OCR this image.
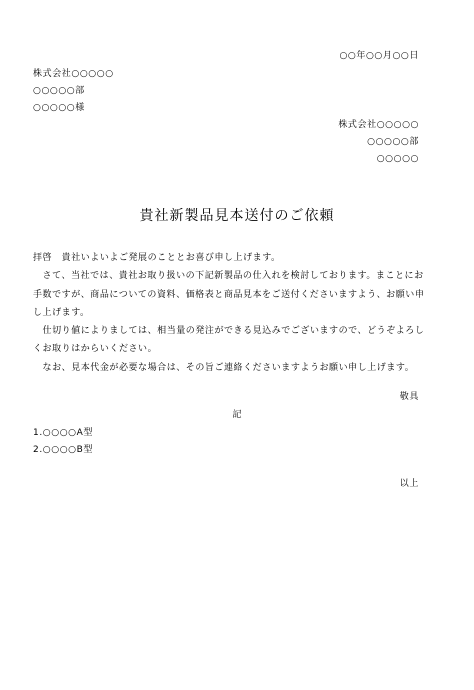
○○年○○月○○日
株式会社○○○○○
○○○○○部
○○○○○様
株式会社○○○○○
○○○○○部
○○○○○
貴社新製品見本送付のご依頼
拝啓　貴社いよいよご発展のこととお喜び申し上げます。
　さて、当社では、貴社お取り扱いの下記新製品の仕入れを検討しております。まことにお手数ですが、商品についての資料、価格表と商品見本をご送付くださいますよう、お願い申し上げます。
　仕切り値によりましては、相当量の発注ができる見込みでございますので、どうぞよろしくお取りはからいください。
　なお、見本代金が必要な場合は、その旨ご連絡くださいますようお願い申し上げます。
敬具
記
1.○○○○A型
2.○○○○B型
以上
